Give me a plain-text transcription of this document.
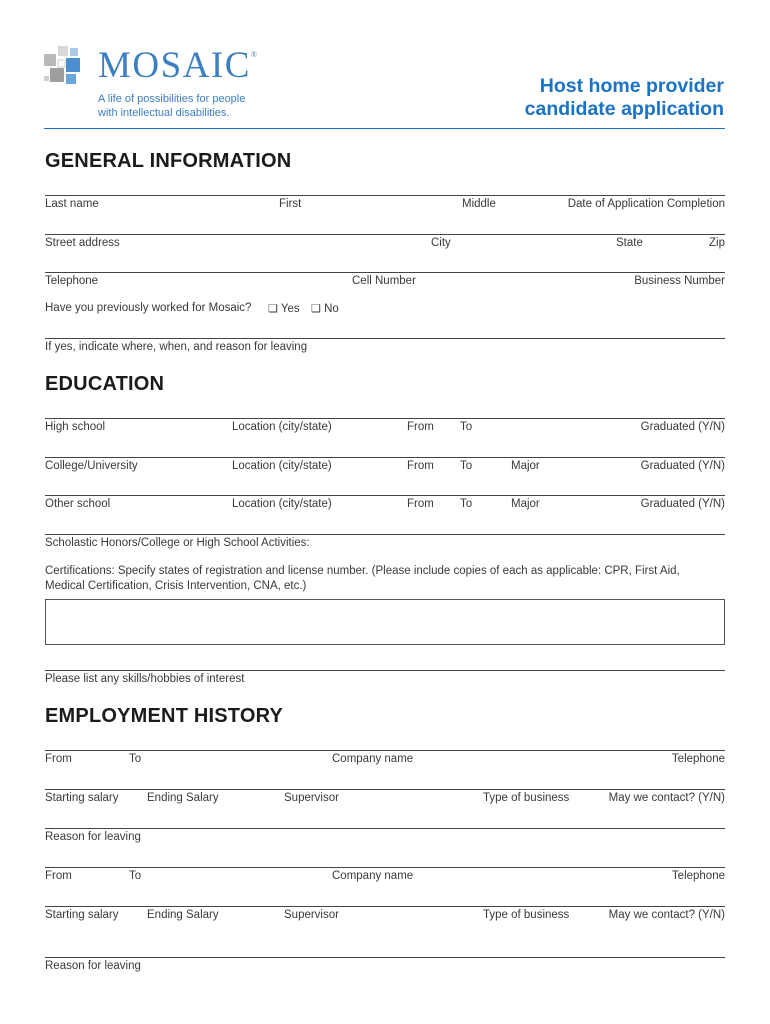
MOSAIC®
A life of possibilities for people
with intellectual disabilities.
Host home provider
candidate application
GENERAL INFORMATION
Last name	First	Middle	Date of Application Completion
Street address	City	State	Zip
Telephone	Cell Number	Business Number
Have you previously worked for Mosaic? ❏ Yes ❏ No
If yes, indicate where, when, and reason for leaving
EDUCATION
High school	Location (city/state)	From To	Graduated (Y/N)
College/University	Location (city/state)	From To	Major	Graduated (Y/N)
Other school	Location (city/state)	From To	Major	Graduated (Y/N)
Scholastic Honors/College or High School Activities:
Certifications: Specify states of registration and license number. (Please include copies of each as applicable: CPR, First Aid,
Medical Certification, Crisis Intervention, CNA, etc.)
Please list any skills/hobbies of interest
EMPLOYMENT HISTORY
From	To	Company name	Telephone
Starting salary Ending Salary	Supervisor	Type of business	May we contact? (Y/N)
Reason for leaving
From	To	Company name	Telephone
Starting salary Ending Salary	Supervisor	Type of business	May we contact? (Y/N)
Reason for leaving
